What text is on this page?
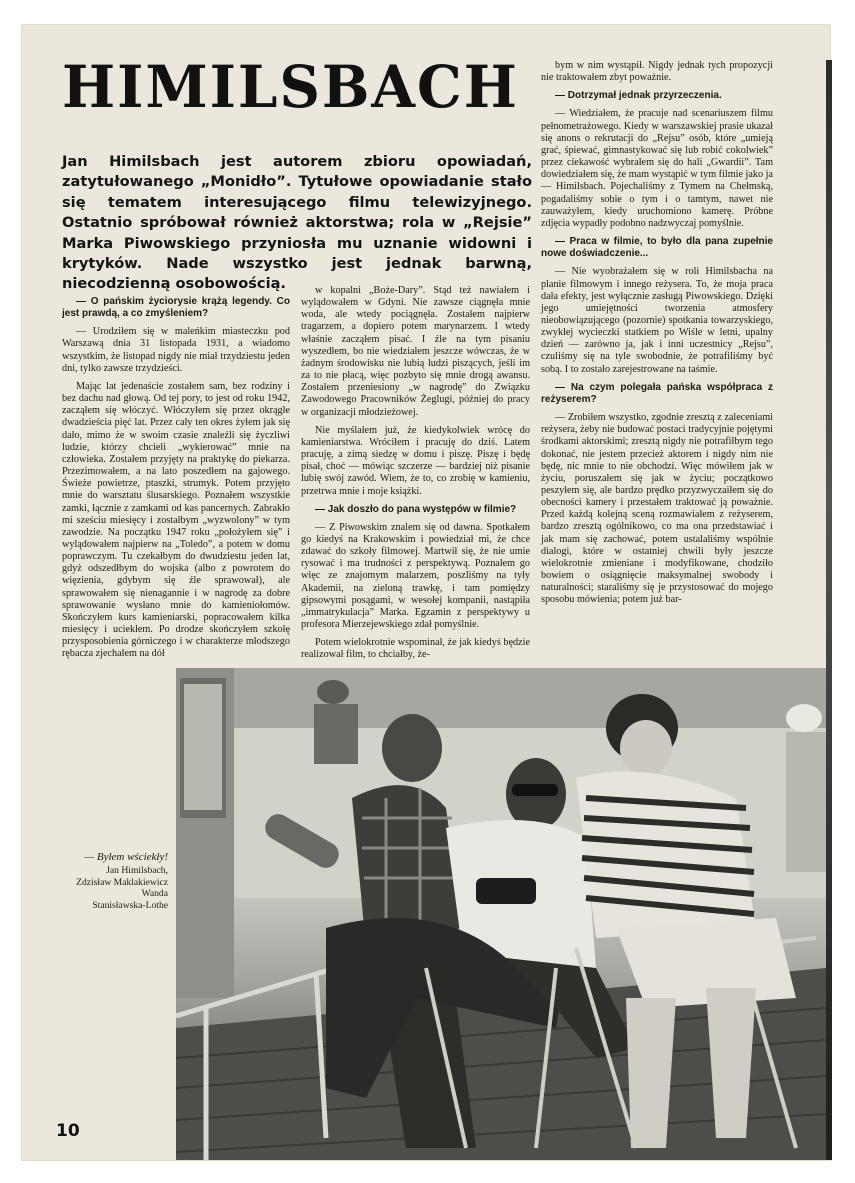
HIMILSBACH
Jan Himilsbach jest autorem zbioru opowiadań, zatytułowanego „Monidło”. Tytułowe opowiadanie stało się tematem interesującego filmu telewizyjnego. Ostatnio spróbował również aktorstwa; rola w „Rejsie” Marka Piwowskiego przyniosła mu uznanie widowni i krytyków. Nade wszystko jest jednak barwną, niecodzienną osobowością.

— O pańskim życiorysie krążą legendy. Co jest prawdą, a co zmyśleniem?

— Urodziłem się w maleńkim miasteczku pod Warszawą dnia 31 listopada 1931, a wiadomo wszystkim, że listopad nigdy nie miał trzydziestu jeden dni, tylko zawsze trzydzieści.

Mając lat jedenaście zostałem sam, bez rodziny i bez dachu nad głową. Od tej pory, to jest od roku 1942, zacząłem się włóczyć. Włóczyłem się przez okrągłe dwadzieścia pięć lat. Przez cały ten okres żyłem jak się dało, mimo że w swoim czasie znaleźli się życzliwi ludzie, którzy chcieli „wykierować” mnie na człowieka. Zostałem przyjęty na praktykę do piekarza. Przezimowałem, a na lato poszedłem na gajowego. Świeże powietrze, ptaszki, strumyk. Potem przyjęto mnie do warsztatu ślusarskiego. Poznałem wszystkie zamki, łącznie z zamkami od kas pancernych. Zabrakło mi sześciu miesięcy i zostałbym „wyzwolony” w tym zawodzie. Na początku 1947 roku „położyłem się” i wylądowałem najpierw na „Toledo”, a potem w domu poprawczym. Tu czekałbym do dwudziestu jeden lat, gdyż odszedłbym do wojska (albo z powrotem do więzienia, gdybym się źle sprawował), ale sprawowałem się nienagannie i w nagrodę za dobre sprawowanie wysłano mnie do kamieniołomów. Skończyłem kurs kamieniarski, popracowałem kilka miesięcy i uciekłem. Po drodze skończyłem szkołę przysposobienia górniczego i w charakterze młodszego rębacza zjechałem na dół

w kopalni „Boże-Dary”. Stąd też nawiałem i wylądowałem w Gdyni. Nie zawsze ciągnęła mnie woda, ale wtedy pociągnęła. Zostałem najpierw tragarzem, a dopiero potem marynarzem. I wtedy właśnie zacząłem pisać. I źle na tym pisaniu wyszedłem, bo nie wiedziałem jeszcze wówczas, że w żadnym środowisku nie lubią ludzi piszących, jeśli im za to nie płacą, więc pozbyto się mnie drogą awansu. Zostałem przeniesiony „w nagrodę” do Związku Zawodowego Pracowników Żeglugi, później do pracy w organizacji młodzieżowej.

Nie myślałem już, że kiedykolwiek wrócę do kamieniarstwa. Wróciłem i pracuję do dziś. Latem pracuję, a zimą siedzę w domu i piszę. Piszę i będę pisał, choć — mówiąc szczerze — bardziej niż pisanie lubię swój zawód. Wiem, że to, co zrobię w kamieniu, przetrwa mnie i moje książki.

— Jak doszło do pana występów w filmie?

— Z Piwowskim znalem się od dawna. Spotkałem go kiedyś na Krakowskim i powiedział mi, że chce zdawać do szkoły filmowej. Martwił się, że nie umie rysować i ma trudności z perspektywą. Poznałem go więc ze znajomym malarzem, poszliśmy na tyły Akademii, na zieloną trawkę, i tam pomiędzy gipsowymi posągami, w wesołej kompanii, nastąpiła „immatrykulacja” Marka. Egzamin z perspektywy u profesora Mierzejewskiego zdał pomyślnie.

Potem wielokrotnie wspominał, że jak kiedyś będzie realizował film, to chciałby, że-

bym w nim wystąpił. Nigdy jednak tych propozycji nie traktowałem zbyt poważnie.

— Dotrzymał jednak przyrzeczenia.

— Wiedziałem, że pracuje nad scenariuszem filmu pełnometrażowego. Kiedy w warszawskiej prasie ukazał się anons o rekrutacji do „Rejsu” osób, które „umieją grać, śpiewać, gimnastykować się lub robić cokolwiek” przez ciekawość wybrałem się do hali „Gwardii”. Tam dowiedziałem się, że mam wystąpić w tym filmie jako ja — Himilsbach. Pojechaliśmy z Tymem na Chełmską, pogadaliśmy sobie o tym i o tamtym, nawet nie zauważyłem, kiedy uruchomiono kamerę. Próbne zdjęcia wypadły podobno nadzwyczaj pomyślnie.

— Praca w filmie, to było dla pana zupełnie nowe doświadczenie...

— Nie wyobrażałem się w roli Himilsbacha na planie filmowym i innego reżysera. To, że moja praca dała efekty, jest wyłącznie zasługą Piwowskiego. Dzięki jego umiejętności tworzenia atmosfery nieobowiązującego (pozornie) spotkania towarzyskiego, zwykłej wycieczki statkiem po Wiśle w letni, upalny dzień — zarówno ja, jak i inni uczestnicy „Rejsu”, czuliśmy się na tyle swobodnie, że potrafiliśmy być sobą. I to zostało zarejestrowane na taśmie.

— Na czym polegała pańska współpraca z reżyserem?

— Zrobiłem wszystko, zgodnie zresztą z zaleceniami reżysera, żeby nie budować postaci tradycyjnie pojętymi środkami aktorskimi; zresztą nigdy nie potrafiłbym tego dokonać, nie jestem przecież aktorem i nigdy nim nie będę, nic mnie to nie obchodzi. Więc mówiłem jak w życiu, poruszałem się jak w życiu; początkowo peszyłem się, ale bardzo prędko przyzwyczaiłem się do obecności kamery i przestałem traktować ją poważnie. Przed każdą kolejną sceną rozmawiałem z reżyserem, bardzo zresztą ogólnikowo, co ma ona przedstawiać i jak mam się zachować, potem ustalaliśmy wspólnie dialogi, które w ostatniej chwili były jeszcze wielokrotnie zmieniane i modyfikowane, chodziło bowiem o osiągnięcie maksymalnej swobody i naturalności; staraliśmy się je przystosować do mojego sposobu mówienia; potem już bar-

— Byłem wściekły!
Jan Himilsbach,
Zdzisław Maklakiewicz
Wanda
Stanisławska-Lothe
10
